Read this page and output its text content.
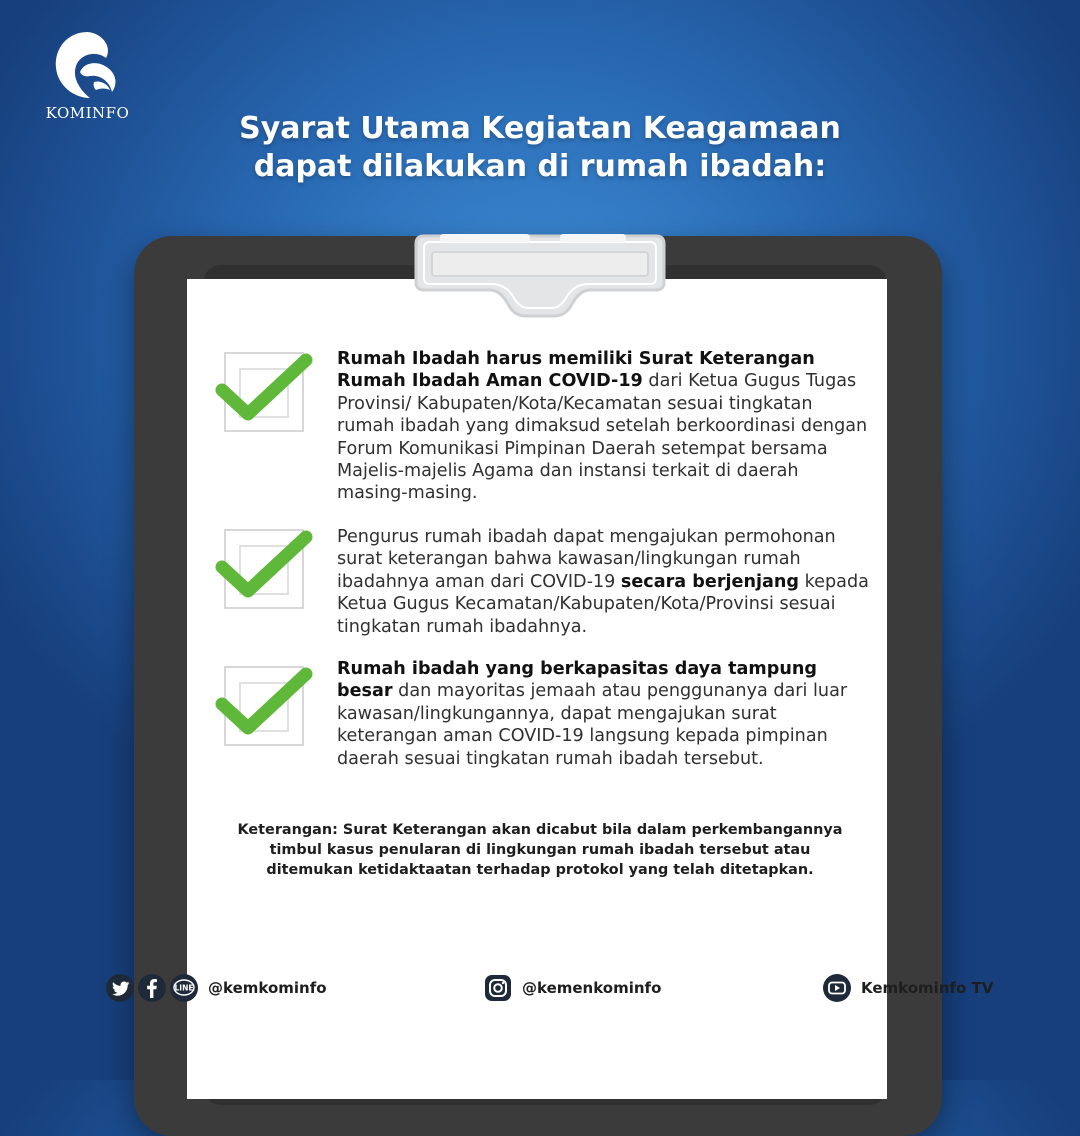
KOMINFO	Syarat Utama Kegiatan Keagamaan
dapat dilakukan di rumah ibadah:
Rumah Ibadah harus memiliki Surat Keterangan Rumah Ibadah Aman COVID-19 dari Ketua Gugus Tugas Provinsi/ Kabupaten/Kota/Kecamatan sesuai tingkatan rumah ibadah yang dimaksud setelah berkoordinasi dengan Forum Komunikasi Pimpinan Daerah setempat bersama Majelis-majelis Agama dan instansi terkait di daerah masing-masing.
Pengurus rumah ibadah dapat mengajukan permohonan surat keterangan bahwa kawasan/lingkungan rumah ibadahnya aman dari COVID-19 secara berjenjang kepada Ketua Gugus Kecamatan/Kabupaten/Kota/Provinsi sesuai tingkatan rumah ibadahnya.
Rumah ibadah yang berkapasitas daya tampung besar dan mayoritas jemaah atau penggunanya dari luar kawasan/lingkungannya, dapat mengajukan surat keterangan aman COVID-19 langsung kepada pimpinan daerah sesuai tingkatan rumah ibadah tersebut.
Keterangan: Surat Keterangan akan dicabut bila dalam perkembangannya
timbul kasus penularan di lingkungan rumah ibadah tersebut atau
ditemukan ketidaktaatan terhadap protokol yang telah ditetapkan.
LINE @kemkominfo	@kemenkominfo	Kemkominfo TV
